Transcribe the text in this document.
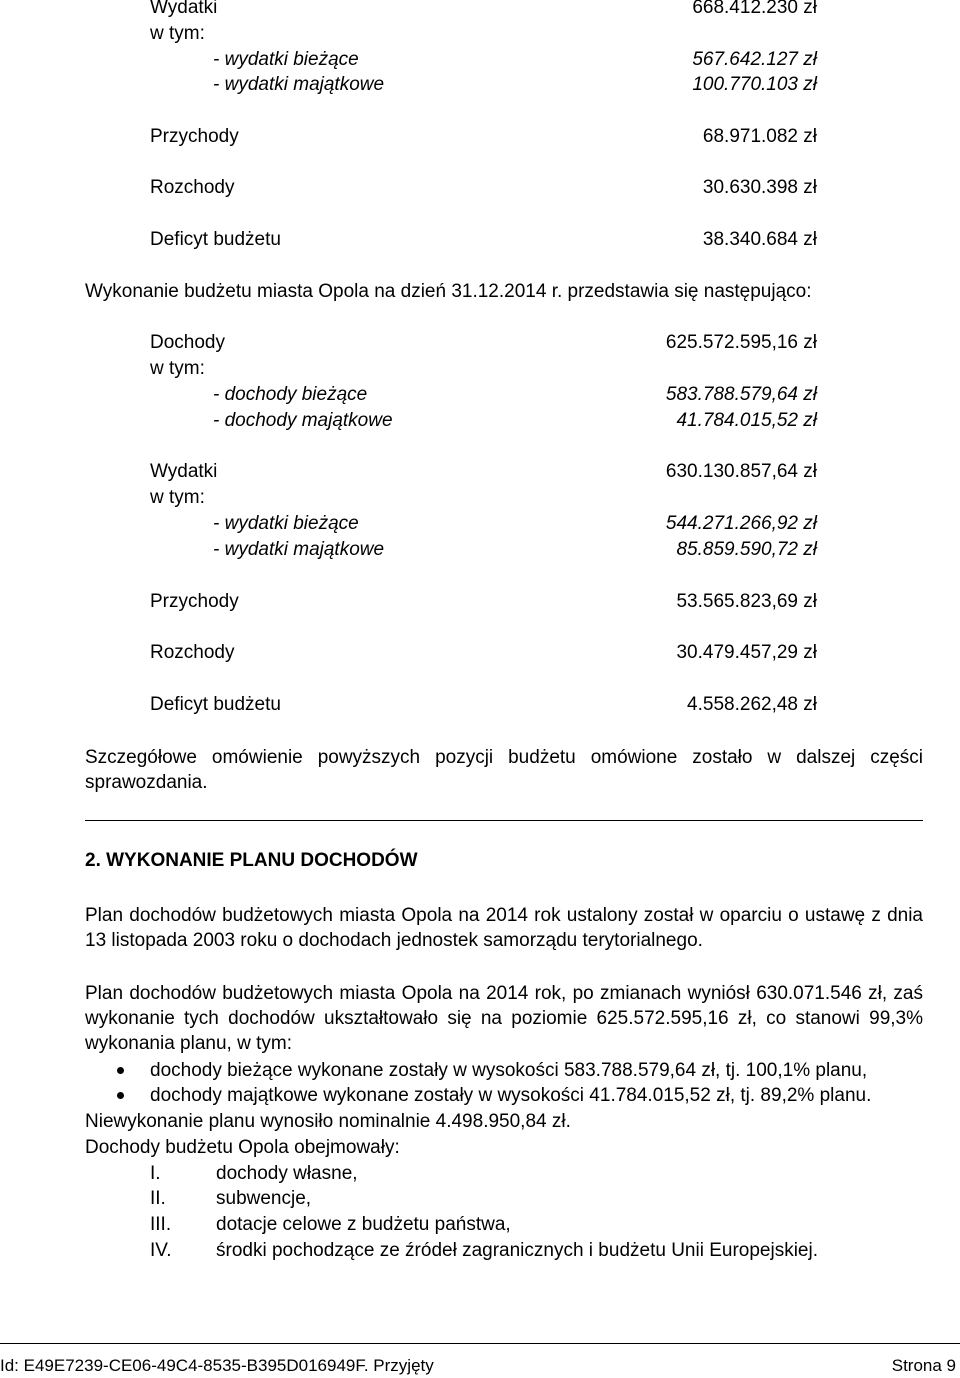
Wydatki	668.412.230 zł
w tym:
- wydatki bieżące	567.642.127 zł
- wydatki majątkowe	100.770.103 zł
Przychody	68.971.082 zł
Rozchody	30.630.398 zł
Deficyt budżetu	38.340.684 zł
Wykonanie budżetu miasta Opola na dzień 31.12.2014 r. przedstawia się następująco:
Dochody	625.572.595,16 zł
w tym:
- dochody bieżące	583.788.579,64 zł
- dochody majątkowe	41.784.015,52 zł
Wydatki	630.130.857,64 zł
w tym:
- wydatki bieżące	544.271.266,92 zł
- wydatki majątkowe	85.859.590,72 zł
Przychody	53.565.823,69 zł
Rozchody	30.479.457,29 zł
Deficyt budżetu	4.558.262,48 zł
Szczegółowe omówienie powyższych pozycji budżetu omówione zostało w dalszej części sprawozdania.
2. WYKONANIE PLANU DOCHODÓW
Plan dochodów budżetowych miasta Opola na 2014 rok ustalony został w oparciu o ustawę z dnia 13 listopada 2003 roku o dochodach jednostek samorządu terytorialnego.
Plan dochodów budżetowych miasta Opola na 2014 rok, po zmianach wyniósł 630.071.546 zł, zaś wykonanie tych dochodów ukształtowało się na poziomie 625.572.595,16 zł, co stanowi 99,3% wykonania planu, w tym:
dochody bieżące wykonane zostały w wysokości 583.788.579,64 zł, tj. 100,1% planu,
dochody majątkowe wykonane zostały w wysokości 41.784.015,52 zł, tj. 89,2% planu.
Niewykonanie planu wynosiło nominalnie 4.498.950,84 zł.
Dochody budżetu Opola obejmowały:
I.	dochody własne,
II.	subwencje,
III. dotacje celowe z budżetu państwa,
IV. środki pochodzące ze źródeł zagranicznych i budżetu Unii Europejskiej.
Id: E49E7239-CE06-49C4-8535-B395D016949F. Przyjęty	Strona 9
